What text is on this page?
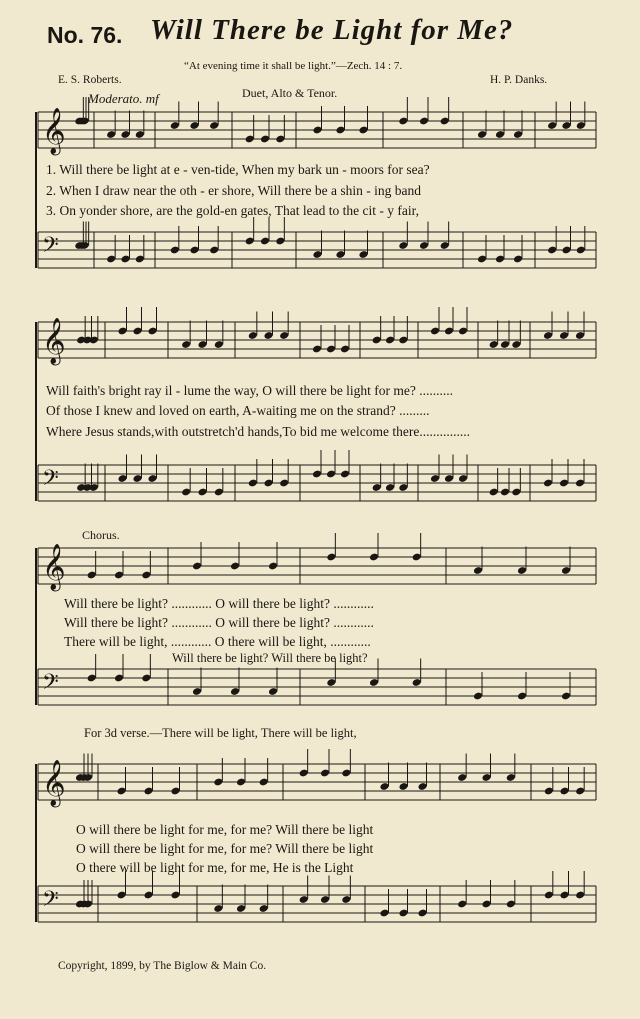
No. 76. Will There be Light for Me?
“At evening time it shall be light.”—Zech. 14 : 7.
E. S. Roberts.	H. P. Danks.
Moderato. mf	Duet, Alto & Tenor.
𝄞
𝄢
𝄞
𝄢
𝄞
𝄢
𝄞
𝄢
1. Will there be light at e - ven-tide, When my bark un - moors for sea?
2. When I draw near the oth - er shore, Will there be a shin - ing band
3. On yonder shore, are the gold-en gates, That lead to the cit - y fair,
Will faith's bright ray il - lume the way, O will there be light for me? ..........
Of those I knew and loved on earth, A-waiting me on the strand? .........
Where Jesus stands,with outstretch'd hands,To bid me welcome there...............
Chorus.
Will there be light? ............ O will there be light? ............
Will there be light? ............ O will there be light? ............
There will be light, ............ O there will be light, ............
Will there be light? Will there be light?
For 3d verse.—There will be light, There will be light,
O will there be light for me, for me? Will there be light
O will there be light for me, for me? Will there be light
O there will be light for me, for me, He is the Light
Copyright, 1899, by The Biglow & Main Co.
